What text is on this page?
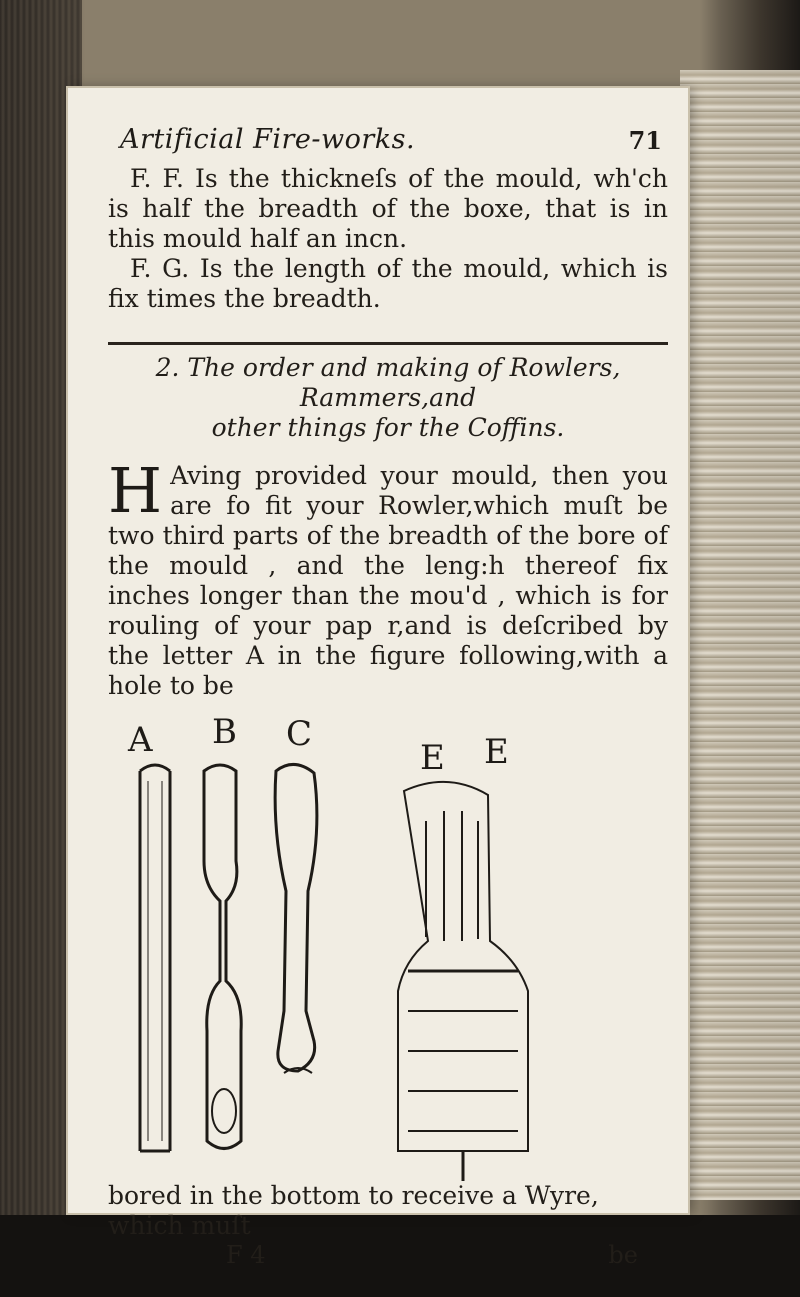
Artificial Fire-works.	71

F. F. Is the thickneſs of the mould, wh'ch is half the breadth of the boxe, that is in this mould half an incn.

F. G. Is the length of the mould, which is fix times the breadth.

2. The order and making of Rowlers, Rammers,and

other things for the Coffins.

H Aving provided your mould, then you are fo fit your Rowler,which muſt be two third parts of the breadth of the bore of the mould , and the leng:h thereof fix inches longer than the mou'd , which is for rouling of your pap r,and is deſcribed by the letter A in the figure following,with a hole to be

A B C
E E

bored in the bottom to receive a Wyre, which muſt

F 4	be
